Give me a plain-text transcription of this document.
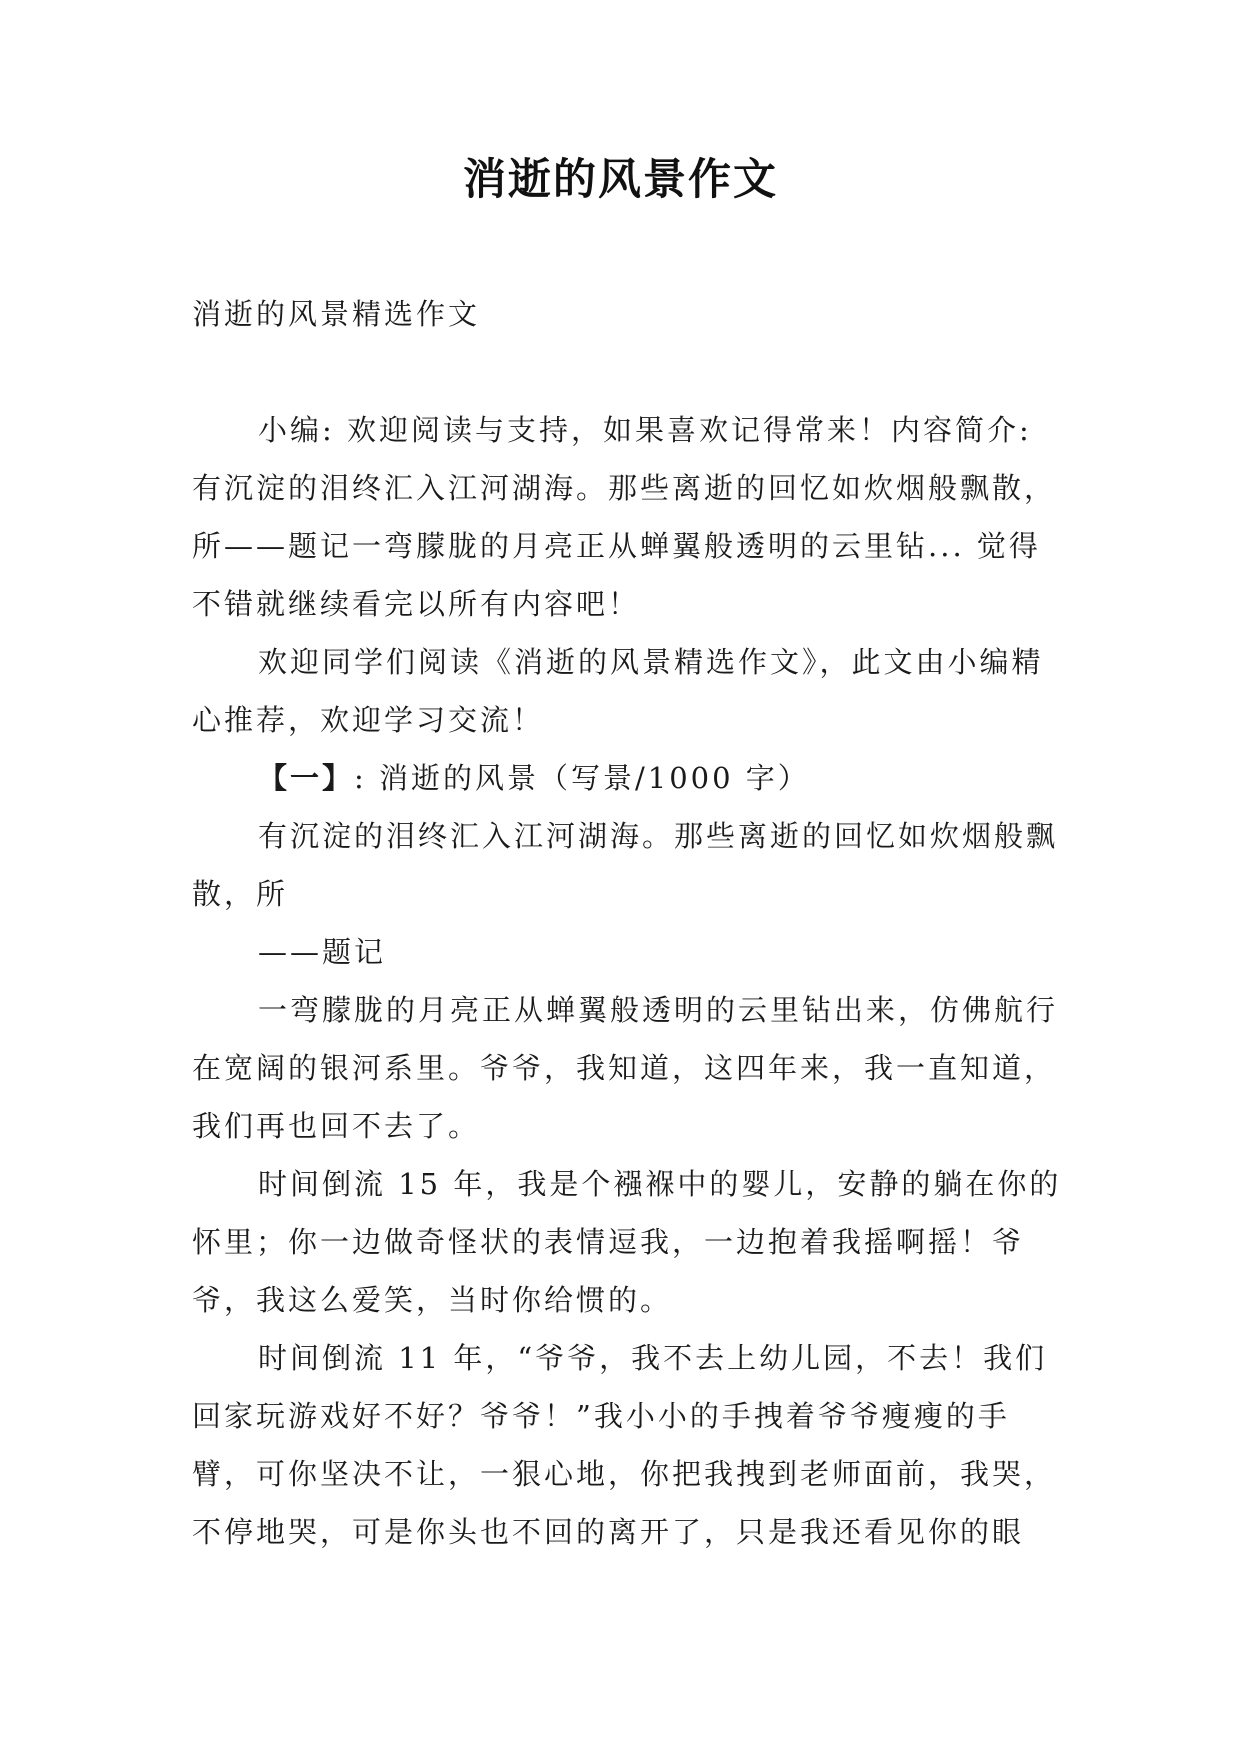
消逝的风景作文

消逝的风景精选作文

小编: 欢迎阅读与支持，如果喜欢记得常来！内容简介: 有沉淀的泪终汇入江河湖海。那些离逝的回忆如炊烟般飘散，所——题记一弯朦胧的月亮正从蝉翼般透明的云里钻... 觉得不错就继续看完以所有内容吧！

欢迎同学们阅读《消逝的风景精选作文》，此文由小编精心推荐，欢迎学习交流！

【一】: 消逝的风景（写景/1000 字）

有沉淀的泪终汇入江河湖海。那些离逝的回忆如炊烟般飘散，所

——题记

一弯朦胧的月亮正从蝉翼般透明的云里钻出来，仿佛航行在宽阔的银河系里。爷爷，我知道，这四年来，我一直知道，我们再也回不去了。

时间倒流 15 年，我是个襁褓中的婴儿，安静的躺在你的怀里；你一边做奇怪状的表情逗我，一边抱着我摇啊摇！爷爷，我这么爱笑，当时你给惯的。

时间倒流 11 年，“爷爷，我不去上幼儿园，不去！我们回家玩游戏好不好？爷爷！”我小小的手拽着爷爷瘦瘦的手臂，可你坚决不让，一狠心地，你把我拽到老师面前，我哭，不停地哭，可是你头也不回的离开了，只是我还看见你的眼
